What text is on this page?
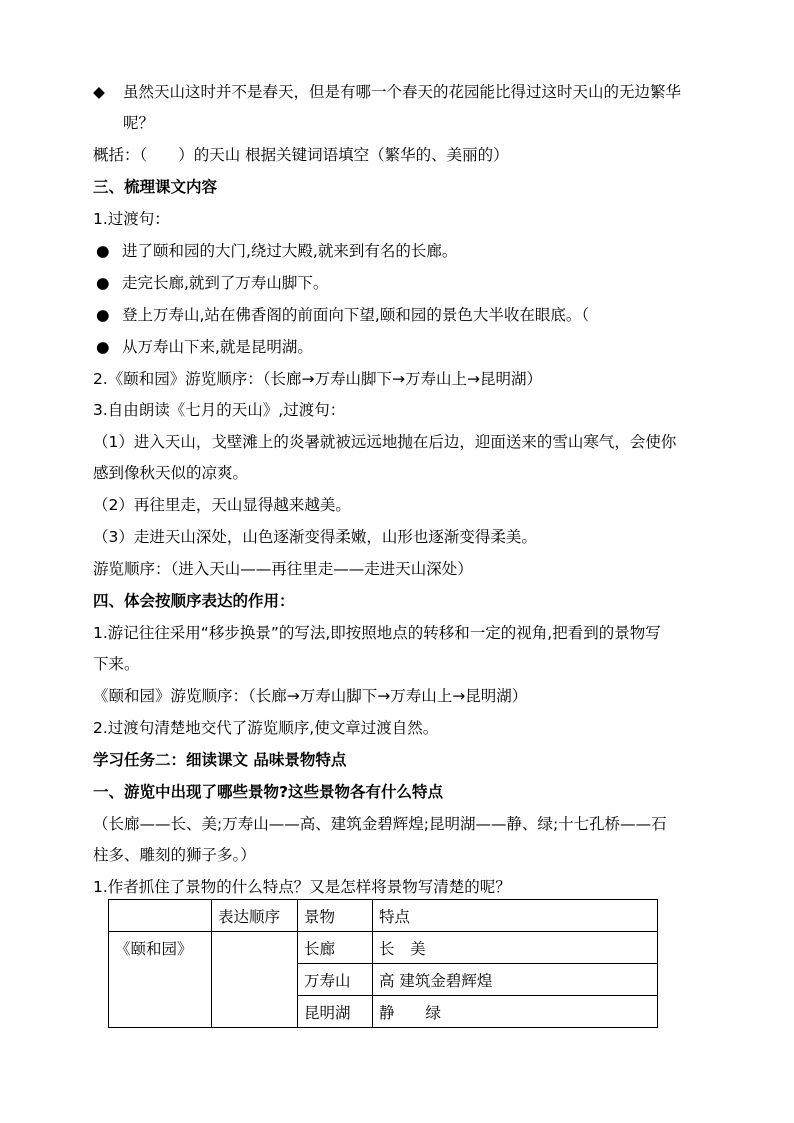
◆	虽然天山这时并不是春天，但是有哪一个春天的花园能比得过这时天山的无边繁华
呢？
概括：（　　）的天山 根据关键词语填空（繁华的、美丽的）
三、梳理课文内容
1.过渡句：
● 进了颐和园的大门,绕过大殿,就来到有名的长廊。
● 走完长廊,就到了万寿山脚下。
● 登上万寿山,站在佛香阁的前面向下望,颐和园的景色大半收在眼底。（
● 从万寿山下来,就是昆明湖。
2.《颐和园》游览顺序：（长廊→万寿山脚下→万寿山上→昆明湖）
3.自由朗读《七月的天山》,过渡句：
（1）进入天山，戈壁滩上的炎暑就被远远地抛在后边，迎面送来的雪山寒气，会使你
感到像秋天似的凉爽。
（2）再往里走，天山显得越来越美。
（3）走进天山深处，山色逐渐变得柔嫩，山形也逐渐变得柔美。
游览顺序：（进入天山——再往里走——走进天山深处）
四、体会按顺序表达的作用：
1.游记往往采用“移步换景”的写法,即按照地点的转移和一定的视角,把看到的景物写
下来。
《颐和园》游览顺序：（长廊→万寿山脚下→万寿山上→昆明湖）
2.过渡句清楚地交代了游览顺序,使文章过渡自然。
学习任务二：细读课文 品味景物特点
一、游览中出现了哪些景物?这些景物各有什么特点
（长廊——长、美;万寿山——高、建筑金碧辉煌;昆明湖——静、绿;十七孔桥——石
柱多、雕刻的狮子多。）
1.作者抓住了景物的什么特点？又是怎样将景物写清楚的呢？
	表达顺序	景物	特点
《颐和园》		长廊	长　美
		万寿山	高 建筑金碧辉煌
		昆明湖	静　　绿
